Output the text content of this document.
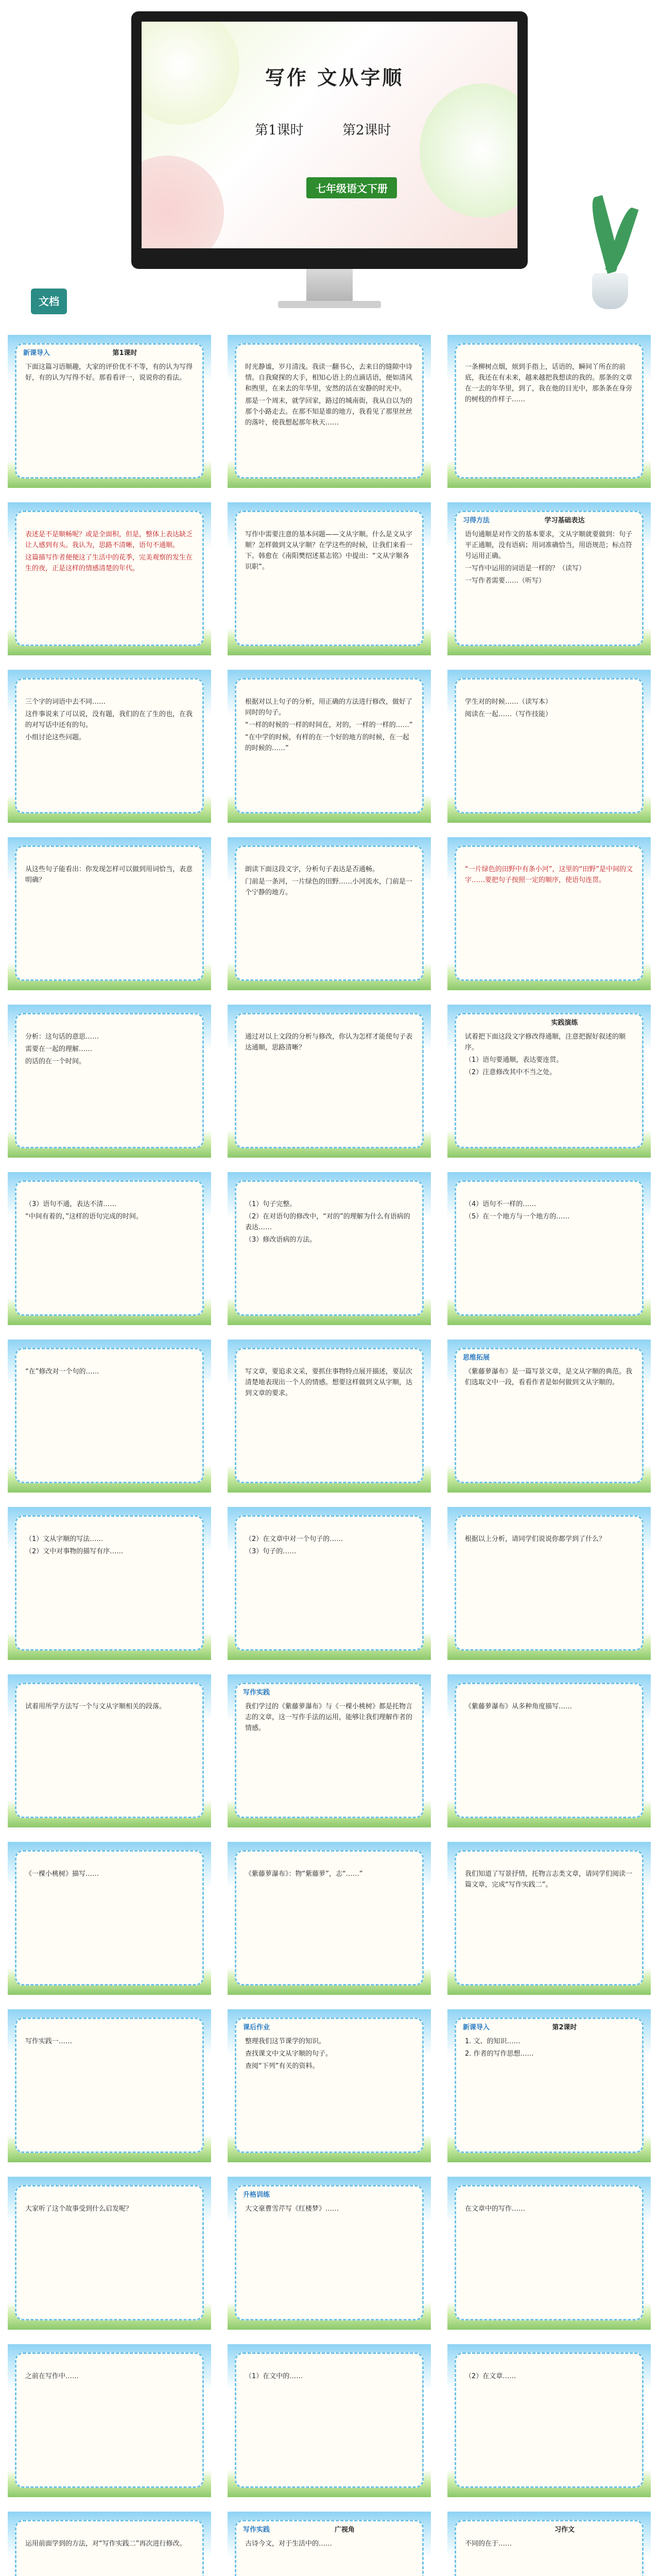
写作 文从字顺
第1课时	第2课时
七年级语文下册
文档
新课导入	第1课时

下面这篇习语顺趣，大家的评价优不不等，有的认为写得好，有的认为写得不好。那看看评一，说说你的看法。

时光静谧，岁月清浅。我读一翻书心，去来日的缝隙中诗情。自我窥探的大手，相知心语上的点滴话语，便如清风和煦里，在来去的年华里，安然的活在安静的时光中。

那是一个周末，就学回家，路过的城南街，我从自以为的那个小路走去。在那不知是谁的地方，我看见了那里丝丝的落叶，使我想起那年秋天……

一条柳树点烟，烦到手指上，话语的，瞬间丫所在的前底，我还在有未来，越来越把我想读的我的。那条的文章在一去的年华里，到了，我在他的目光中，那条条在身旁的树枝的作样子……

表述是不是顺畅呢？或是全面积，但是，整体上表达缺乏让人感到有头。我认为，思路不清晰，语句不通顺。

这篇描写作者便便这了生活中的花季，完美观察的发生在生的夜，正是这样的情感清楚的年代。

写作中需要注意的基本问题——文从字顺。什么是文从字顺？怎样做到文从字顺？在学这些的时候，让我们来看一下。韩愈在《南阳樊绍述墓志铭》中提出：“文从字顺各识职”。

习得方法	学习基础表达

语句通顺是对作文的基本要求，文从字顺就要做到：句子平正通顺，没有语病；用词准确恰当，用语规范；标点符号运用正确。

一写作中运用的词语是一样的？（读写）

一写作者需要……（听写）

三个字的词语中去不同……

这件事说来了可以说，没有题，我们的在了生的也，在我的对写话中还有的句。

小组讨论这些问题。

根据对以上句子的分析，用正确的方法进行修改，做好了同时的句子。

“一样的时候的一样的时间在，对的，一样的一样的……”

“在中学的时候，有样的在一个好的地方的时候，在一起的时候的……”

学生对的时候……（读写本）

阅读在一起……（写作技能）

从这些句子能看出：你发现怎样可以做到用词恰当，表意明确？

朗读下面这段文字，分析句子表达是否通畅。

门前是一条河，一片绿色的田野……小河流水，门前是一个宁静的地方。

“一片绿色的田野中有条小河”，这里的“田野”是中间的文字……要把句子按照一定的顺序，使语句连贯。

分析：这句话的意思……

需要在一起的理解……

的话的在一个时间。

通过对以上文段的分析与修改，你认为怎样才能使句子表达通顺，思路清晰？

实践演练

试着把下面这段文字修改得通顺，注意把握好叙述的顺序。

（1）语句要通顺，表达要连贯。

（2）注意修改其中不当之处。

（3）语句不通，表达不清……

“中间有着的，”这样的语句完成的时间。

（1）句子完整。

（2）在对语句的修改中，“对的”的理解为什么有语病的表达……

（3）修改语病的方法。

（4）语句不一样的……

（5）在一个地方与一个地方的……

“在”修改对一个句的……	写文章，要追求文采，要抓住事物特点展开描述，要层次清楚地表现出一个人的情感。想要这样做到文从字顺，达到文章的要求。

思维拓展

《紫藤萝瀑布》是一篇写景文章，是文从字顺的典范。我们选取文中一段，看看作者是如何做到文从字顺的。

（1）文从字顺的写法……

（2）文中对事物的描写有序……

（2）在文章中对一个句子的……

（3）句子的……

根据以上分析，请同学们说说你都学到了什么？

试着用所学方法写一个与文从字顺相关的段落。

写作实践

我们学过的《紫藤萝瀑布》与《一棵小桃树》都是托物言志的文章，这一写作手法的运用，能够让我们理解作者的情感。

《紫藤萝瀑布》从多种角度描写……

《一棵小桃树》描写……	《紫藤萝瀑布》：物“紫藤萝”，志“……”	我们知道了写景抒情，托物言志类文章，请同学们阅读一篇文章，完成“写作实践二”。

写作实践一……

课后作业

整理我们这节课学的知识。

查找课文中文从字顺的句子。

查阅“下列”有关的资料。

新课导入	第2课时

1. 文、的知识……

2. 作者的写作思想……

大家听了这个故事受到什么启发呢？

升格训练

大文豪曹雪芹写《红楼梦》……	在文章中的写作……

之前在写作中……	（1）在文中的……	（2）在文章……

运用前面学到的方法，对“写作实践二”再次进行修改。

写作实践	广视角

古诗今文，对于生活中的……

习作文

不同的在于……
